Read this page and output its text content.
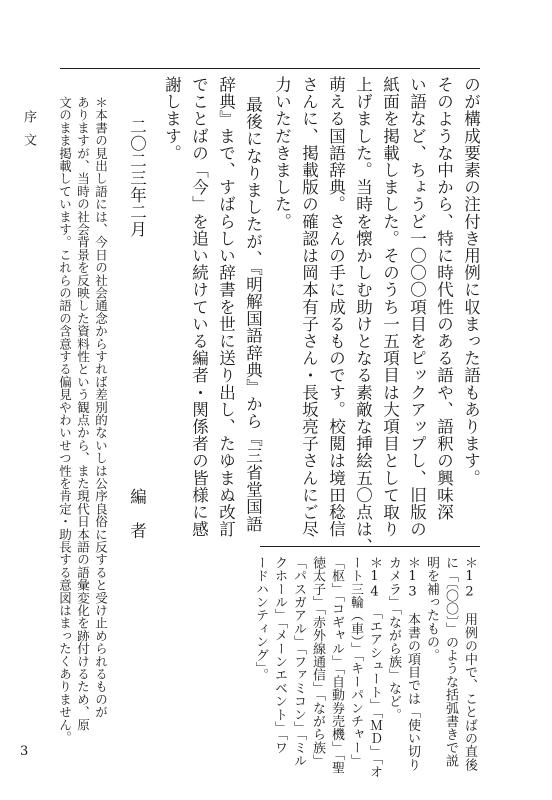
序文
3
のが構成要素の注付き用例に収まった語もあります。
そのような中から、特に時代性のある語や、語釈の興味深
い語など、ちょうど一〇〇〇項目をピックアップし、旧版の
紙面を掲載しました。そのうち一五項目は大項目として取り
上げました。当時を懐かしむ助けとなる素敵な挿絵五〇点は、
萌える国語辞典。さんの手に成るものです。校閲は境田稔信
さんに、掲載版の確認は岡本有子さん・長坂亮子さんにご尽
力いただきました。
最後になりましたが、『明解国語辞典』から『三省堂国語
辞典』まで、すばらしい辞書を世に送り出し、たゆまぬ改訂
でことばの「今」を追い続けている編者・関係者の皆様に感
謝します。
二〇二三年二月
編　者
＊本書の見出し語には、今日の社会通念からすれば差別的ないしは公序良俗に反すると受け止められるものが
ありますが、当時の社会背景を反映した資料性という観点から、また現代日本語の語彙変化を跡付けるため、原
文のまま掲載しています。これらの語の含意する偏見やわいせつ性を肯定・助長する意図はまったくありません。	＊12　用例の中で、ことばの直後
に「〔〇〇〕」のような括弧書きで説
明を補ったもの。
＊13　本書の項目では「使い切り
カメラ」「ながら族」など。
＊14　「エアシュート」「ＭＤ」「オ
ート三輪（車）」「キーパンチャー」
「枢」「コギャル」「自動券売機」「聖
徳太子」「赤外線通信」「ながら族」
「パスガアル」「ファミコン」「ミル
クホール」「メーンエベント」「ワ
ードハンティング」。
